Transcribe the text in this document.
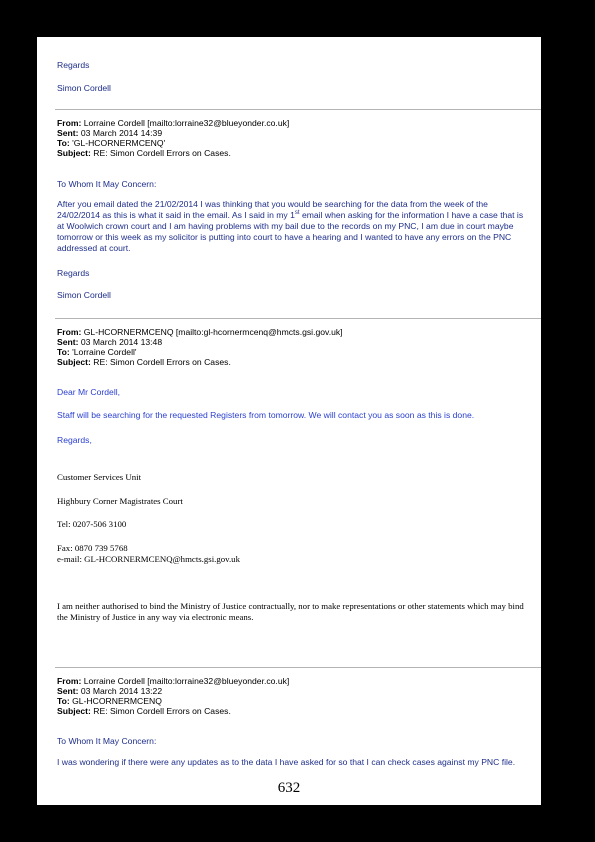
Regards
Simon Cordell
From: Lorraine Cordell [mailto:lorraine32@blueyonder.co.uk]
Sent: 03 March 2014 14:39
To: 'GL-HCORNERMCENQ'
Subject: RE: Simon Cordell Errors on Cases.
To Whom It May Concern:
After you email dated the 21/02/2014 I was thinking that you would be searching for the data from the week of the 24/02/2014 as this is what it said in the email. As I said in my 1st email when asking for the information I have a case that is at Woolwich crown court and I am having problems with my bail due to the records on my PNC, I am due in court maybe tomorrow or this week as my solicitor is putting into court to have a hearing and I wanted to have any errors on the PNC addressed at court.
Regards
Simon Cordell
From: GL-HCORNERMCENQ [mailto:gl-hcornermcenq@hmcts.gsi.gov.uk]
Sent: 03 March 2014 13:48
To: 'Lorraine Cordell'
Subject: RE: Simon Cordell Errors on Cases.
Dear Mr Cordell,
Staff will be searching for the requested Registers from tomorrow. We will contact you as soon as this is done.
Regards,
Customer Services Unit
Highbury Corner Magistrates Court
Tel: 0207-506 3100
Fax: 0870 739 5768
e-mail: GL-HCORNERMCENQ@hmcts.gsi.gov.uk
I am neither authorised to bind the Ministry of Justice contractually, nor to make representations or other statements which may bind the Ministry of Justice in any way via electronic means.
From: Lorraine Cordell [mailto:lorraine32@blueyonder.co.uk]
Sent: 03 March 2014 13:22
To: GL-HCORNERMCENQ
Subject: RE: Simon Cordell Errors on Cases.
To Whom It May Concern:
I was wondering if there were any updates as to the data I have asked for so that I can check cases against my PNC file.
632
